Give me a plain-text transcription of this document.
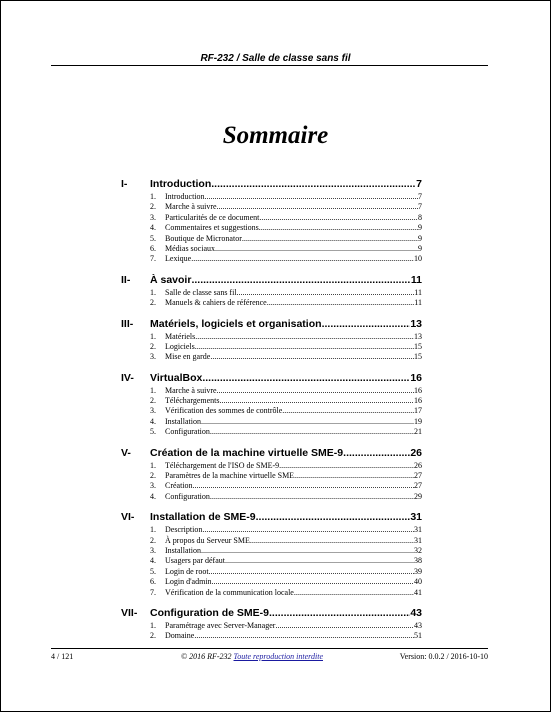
RF-232 / Salle de classe sans fil
Sommaire
I-	Introduction .....	7
1.	Introduction .....	7
2.	Marche à suivre .....	7
3.	Particularités de ce document .....	8
4.	Commentaires et suggestions .....	9
5.	Boutique de Micronator .....	9
6.	Médias sociaux .....	9
7.	Lexique .....	10
II-	À savoir .....	11
1.	Salle de classe sans fil .....	11
2.	Manuels & cahiers de référence .....	11
III-	Matériels, logiciels et organisation .....	13
1.	Matériels .....	13
2.	Logiciels .....	15
3.	Mise en garde .....	15
IV-	VirtualBox .....	16
1.	Marche à suivre .....	16
2.	Téléchargements .....	16
3.	Vérification des sommes de contrôle .....	17
4.	Installation .....	19
5.	Configuration .....	21
V-	Création de la machine virtuelle SME-9 .....	26
1.	Téléchargement de l'ISO de SME-9 .....	26
2.	Paramètres de la machine virtuelle SME .....	27
3.	Création .....	27
4.	Configuration .....	29
VI-	Installation de SME-9 .....	31
1.	Description .....	31
2.	À propos du Serveur SME .....	31
3.	Installation .....	32
4.	Usagers par défaut .....	38
5.	Login de root .....	39
6.	Login d'admin .....	40
7.	Vérification de la communication locale .....	41
VII-	Configuration de SME-9 .....	43
1.	Paramétrage avec Server-Manager .....	43
2.	Domaine .....	51
4 / 121	© 2016 RF-232 Toute reproduction interdite	Version: 0.0.2 / 2016-10-10
